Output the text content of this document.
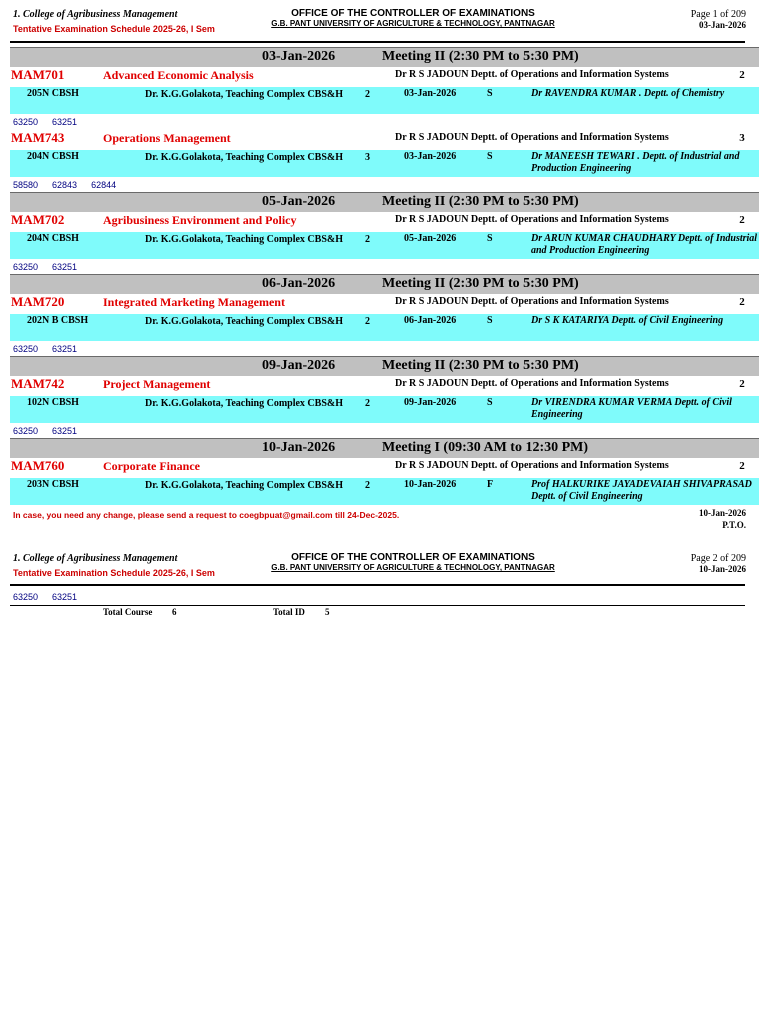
1. College of Agribusiness Management
Tentative Examination Schedule 2025-26, I Sem
OFFICE OF THE CONTROLLER OF EXAMINATIONS
G.B. PANT UNIVERSITY OF AGRICULTURE & TECHNOLOGY, PANTNAGAR
Page 1 of 209
03-Jan-2026
03-Jan-2026	Meeting II (2:30 PM to 5:30 PM)
MAM701	Advanced Economic Analysis	Dr R S JADOUN Deptt. of Operations and Information Systems	2
205N CBSH	Dr. K.G.Golakota, Teaching Complex CBS&H 2	03-Jan-2026	S	Dr RAVENDRA KUMAR . Deptt. of Chemistry
63250 63251
MAM743	Operations Management	Dr R S JADOUN Deptt. of Operations and Information Systems	3
204N CBSH	Dr. K.G.Golakota, Teaching Complex CBS&H 3	03-Jan-2026	S	Dr MANEESH TEWARI . Deptt. of Industrial and Production Engineering
58580 62843 62844
05-Jan-2026	Meeting II (2:30 PM to 5:30 PM)
MAM702	Agribusiness Environment and Policy	Dr R S JADOUN Deptt. of Operations and Information Systems	2
204N CBSH	Dr. K.G.Golakota, Teaching Complex CBS&H 2	05-Jan-2026	S	Dr ARUN KUMAR CHAUDHARY Deptt. of Industrial and Production Engineering
63250 63251
06-Jan-2026	Meeting II (2:30 PM to 5:30 PM)
MAM720	Integrated Marketing Management	Dr R S JADOUN Deptt. of Operations and Information Systems	2
202N B CBSH	Dr. K.G.Golakota, Teaching Complex CBS&H 2	06-Jan-2026	S	Dr S K KATARIYA Deptt. of Civil Engineering
63250 63251
09-Jan-2026	Meeting II (2:30 PM to 5:30 PM)
MAM742	Project Management	Dr R S JADOUN Deptt. of Operations and Information Systems	2
102N CBSH	Dr. K.G.Golakota, Teaching Complex CBS&H 2	09-Jan-2026	S	Dr VIRENDRA KUMAR VERMA Deptt. of Civil Engineering
63250 63251
10-Jan-2026	Meeting I (09:30 AM to 12:30 PM)
MAM760	Corporate Finance	Dr R S JADOUN Deptt. of Operations and Information Systems	2
203N CBSH	Dr. K.G.Golakota, Teaching Complex CBS&H 2	10-Jan-2026	F	Prof HALKURIKE JAYADEVAIAH SHIVAPRASAD Deptt. of Civil Engineering
In case, you need any change, please send a request to coegbpuat@gmail.com till 24-Dec-2025.	10-Jan-2026
P.T.O.
1. College of Agribusiness Management
Tentative Examination Schedule 2025-26, I Sem
OFFICE OF THE CONTROLLER OF EXAMINATIONS
G.B. PANT UNIVERSITY OF AGRICULTURE & TECHNOLOGY, PANTNAGAR
Page 2 of 209
10-Jan-2026
63250 63251
Total Course 6	Total ID 5
